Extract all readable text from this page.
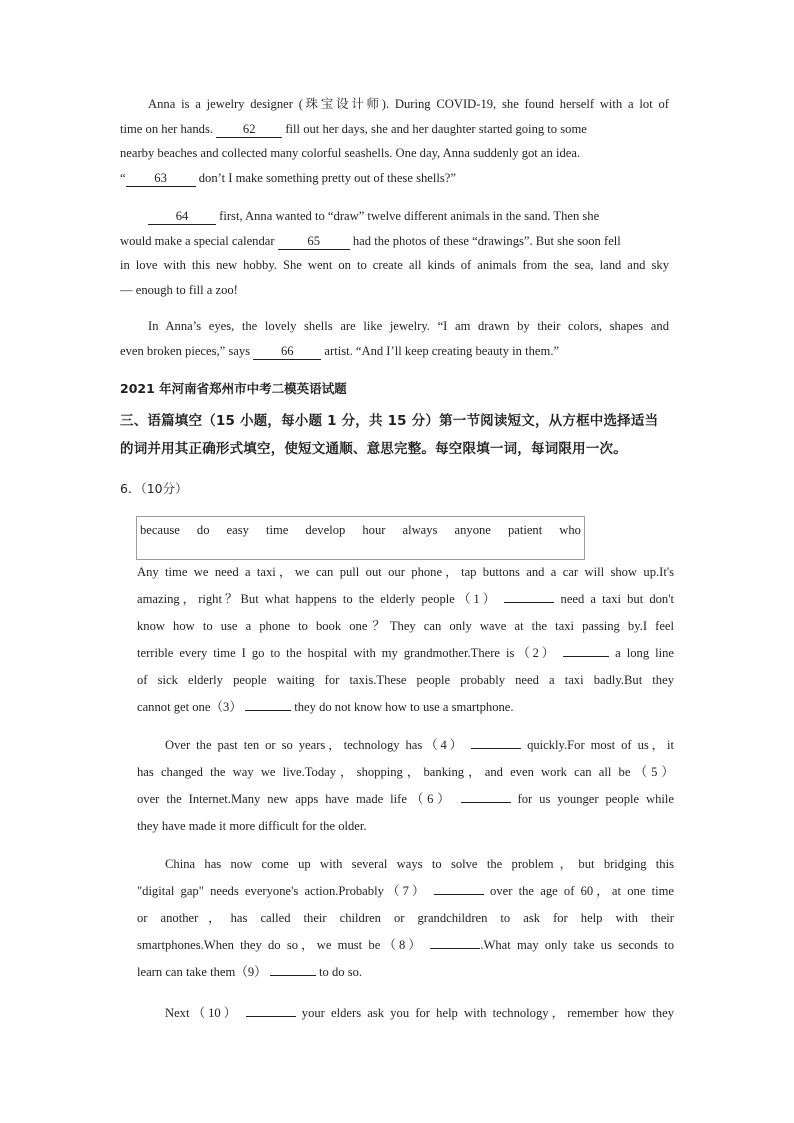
Anna is a jewelry designer (珠宝设计师). During COVID-19, she found herself with a lot of
time on her hands. 62 fill out her days, she and her daughter started going to some
nearby beaches and collected many colorful seashells. One day, Anna suddenly got an idea.
“ 63	don’t I make something pretty out of these shells?”
64 first, Anna wanted to “draw” twelve different animals in the sand. Then she
would make a special calendar	65	had the photos of these “drawings”. But she soon fell
in love with this new hobby. She went on to create all kinds of animals from the sea, land and sky
— enough to fill a zoo!
In Anna’s eyes, the lovely shells are like jewelry. “I am drawn by their colors, shapes and
even broken pieces,” says 66 artist. “And I’ll keep creating beauty in them.”
2021 年河南省郑州市中考二模英语试题
三、语篇填空（15 小题，每小题 1 分，共 15 分）第一节阅读短文，从方框中选择适当
的词并用其正确形式填空，使短文通顺、意思完整。每空限填一词，每词限用一次。
6．（10分）
because do easy time develop hour always anyone patient who
Any time we need a taxi，we can pull out our phone，tap buttons and a car will show up.It's
amazing，right？But what happens to the elderly people（1）	need a taxi but don't
know how to use a phone to book one？They can only wave at the taxi passing by.I feel
terrible every time I go to the hospital with my grandmother.There is（2）	a long line
of sick elderly people waiting for taxis.These people probably need a taxi badly.But they
cannot get one（3）	they do not know how to use a smartphone.
Over the past ten or so years，technology has（4）	quickly.For most of us，it
has changed the way we live.Today，shopping，banking，and even work can all be（5）
over the Internet.Many new apps have made life（6）	for us younger people while
they have made it more difficult for the older.
China has now come up with several ways to solve the problem，but bridging this
"digital gap" needs everyone's action.Probably（7）	over the age of 60，at one time
or another，has called their children or grandchildren to ask for help with their
smartphones.When they do so，we must be（8）	.What may only take us seconds to
learn can take them（9）	to do so.
Next（10）	your elders ask you for help with technology，remember how they
